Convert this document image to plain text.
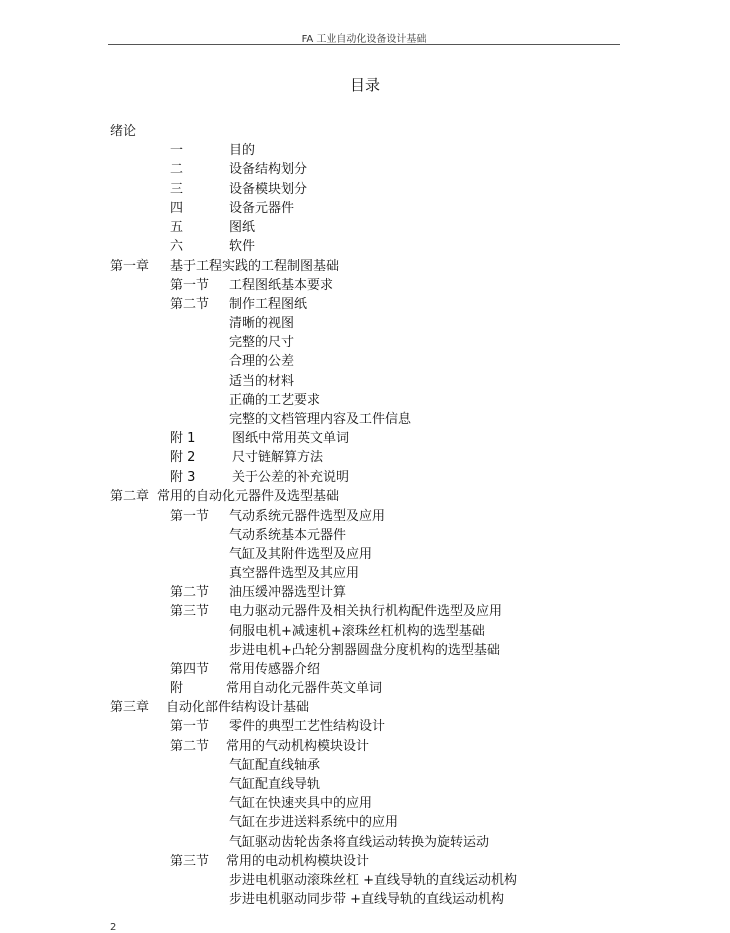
FA 工业自动化设备设计基础
目录
绪论
一	目的
二	设备结构划分
三	设备模块划分
四	设备元器件
五	图纸
六	软件
第一章 基于工程实践的工程制图基础
第一节 工程图纸基本要求
第二节 制作工程图纸
清晰的视图
完整的尺寸
合理的公差
适当的材料
正确的工艺要求
完整的文档管理内容及工件信息
附 1	图纸中常用英文单词
附 2	尺寸链解算方法
附 3	关于公差的补充说明
第二章 常用的自动化元器件及选型基础
第一节 气动系统元器件选型及应用
气动系统基本元器件
气缸及其附件选型及应用
真空器件选型及其应用
第二节 油压缓冲器选型计算
第三节 电力驱动元器件及相关执行机构配件选型及应用
伺服电机+减速机+滚珠丝杠机构的选型基础
步进电机+凸轮分割器圆盘分度机构的选型基础
第四节 常用传感器介绍
附	常用自动化元器件英文单词
第三章 自动化部件结构设计基础
第一节 零件的典型工艺性结构设计
第二节 常用的气动机构模块设计
气缸配直线轴承
气缸配直线导轨
气缸在快速夹具中的应用
气缸在步进送料系统中的应用
气缸驱动齿轮齿条将直线运动转换为旋转运动
第三节 常用的电动机构模块设计
步进电机驱动滚珠丝杠 +直线导轨的直线运动机构
步进电机驱动同步带 +直线导轨的直线运动机构
2
